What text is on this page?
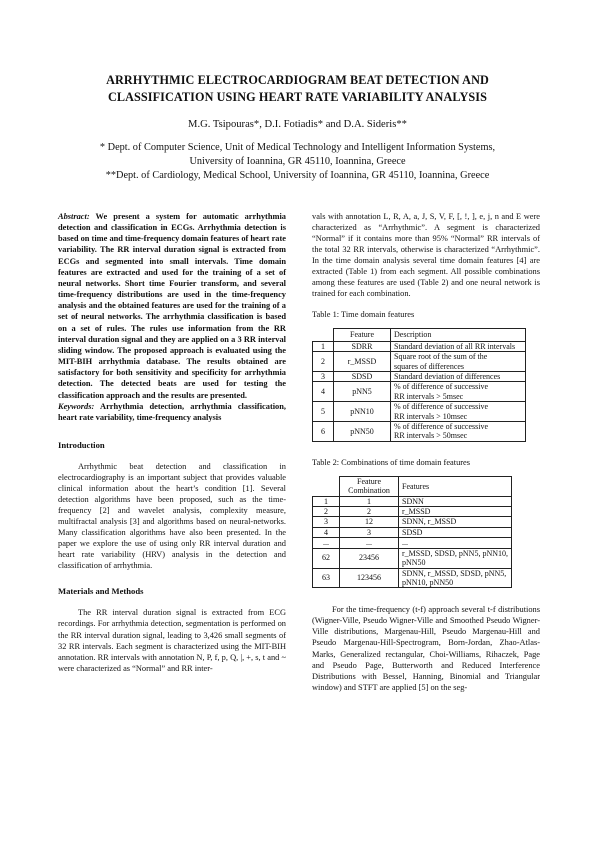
ARRHYTHMIC ELECTROCARDIOGRAM BEAT DETECTION AND
CLASSIFICATION USING HEART RATE VARIABILITY ANALYSIS
M.G. Tsipouras*, D.I. Fotiadis* and D.A. Sideris**
* Dept. of Computer Science, Unit of Medical Technology and Intelligent Information Systems,
University of Ioannina, GR 45110, Ioannina, Greece
**Dept. of Cardiology, Medical School, University of Ioannina, GR 45110, Ioannina, Greece

Abstract: We present a system for automatic arrhythmia detection and classification in ECGs. Arrhythmia detection is based on time and time-frequency domain features of heart rate variability. The RR interval duration signal is extracted from ECGs and segmented into small intervals. Time domain features are extracted and used for the training of a set of neural networks. Short time Fourier transform, and several time-frequency distributions are used in the time-frequency analysis and the obtained features are used for the training of a set of neural networks. The arrhythmia classification is based on a set of rules. The rules use information from the RR interval duration signal and they are applied on a 3 RR interval sliding window. The proposed approach is evaluated using the MIT-BIH arrhythmia database. The results obtained are satisfactory for both sensitivity and specificity for arrhythmia detection. The detected beats are used for testing the classification approach and the results are presented.

Keywords: Arrhythmia detection, arrhythmia classification, heart rate variability, time-frequency analysis

Introduction

Arrhythmic beat detection and classification in electrocardiography is an important subject that provides valuable clinical information about the heart’s condition [1]. Several detection algorithms have been proposed, such as the time-frequency [2] and wavelet analysis, complexity measure, multifractal analysis [3] and algorithms based on neural-networks. Many classification algorithms have also been presented. In the paper we explore the use of using only RR interval duration and heart rate variability (HRV) analysis in the detection and classification of arrhythmia.

Materials and Methods

The RR interval duration signal is extracted from ECG recordings. For arrhythmia detection, segmentation is performed on the RR interval duration signal, leading to 3,426 small segments of 32 RR intervals. Each segment is characterized using the MIT-BIH annotation. RR intervals with annotation N, P, f, p, Q, |, +, s, t and ~ were characterized as “Normal” and RR inter-

vals with annotation L, R, A, a, J, S, V, F, [, !, ], e, j, n and E were characterized as “Arrhythmic”. A segment is characterized “Normal” if it contains more than 95% “Normal” RR intervals of the total 32 RR intervals, otherwise is characterized “Arrhythmic”. In the time domain analysis several time domain features [4] are extracted (Table 1) from each segment. All possible combinations among these features are used (Table 2) and one neural network is trained for each combination.

Table 1: Time domain features
	Feature	Description
1	SDRR	Standard deviation of all RR intervals
2	r_MSSD	Square root of the sum of the
squares of differences

3	SDSD	Standard deviation of differences
4	pNN5	% of difference of successive
RR intervals > 5msec

5	pNN10	% of difference of successive
RR intervals > 10msec

6	pNN50	% of difference of successive
RR intervals > 50msec
Table 2: Combinations of time domain features

	Feature
Combination	Features
1	1	SDNN
2	2	r_MSSD
3	12	SDNN, r_MSSD
4	3	SDSD
...	...	...
62	23456	r_MSSD, SDSD, pNN5, pNN10,
pNN50

63	123456	SDNN, r_MSSD, SDSD, pNN5,
pNN10, pNN50

For the time-frequency (t-f) approach several t-f distributions (Wigner-Ville, Pseudo Wigner-Ville and Smoothed Pseudo Wigner-Ville distributions, Margenau-Hill, Pseudo Margenau-Hill and Pseudo Margenau-Hill-Spectrogram, Born-Jordan, Zhao-Atlas-Marks, Generalized rectangular, Choi-Williams, Rihaczek, Page and Pseudo Page, Butterworth and Reduced Interference Distributions with Bessel, Hanning, Binomial and Triangular window) and STFT are applied [5] on the seg-
